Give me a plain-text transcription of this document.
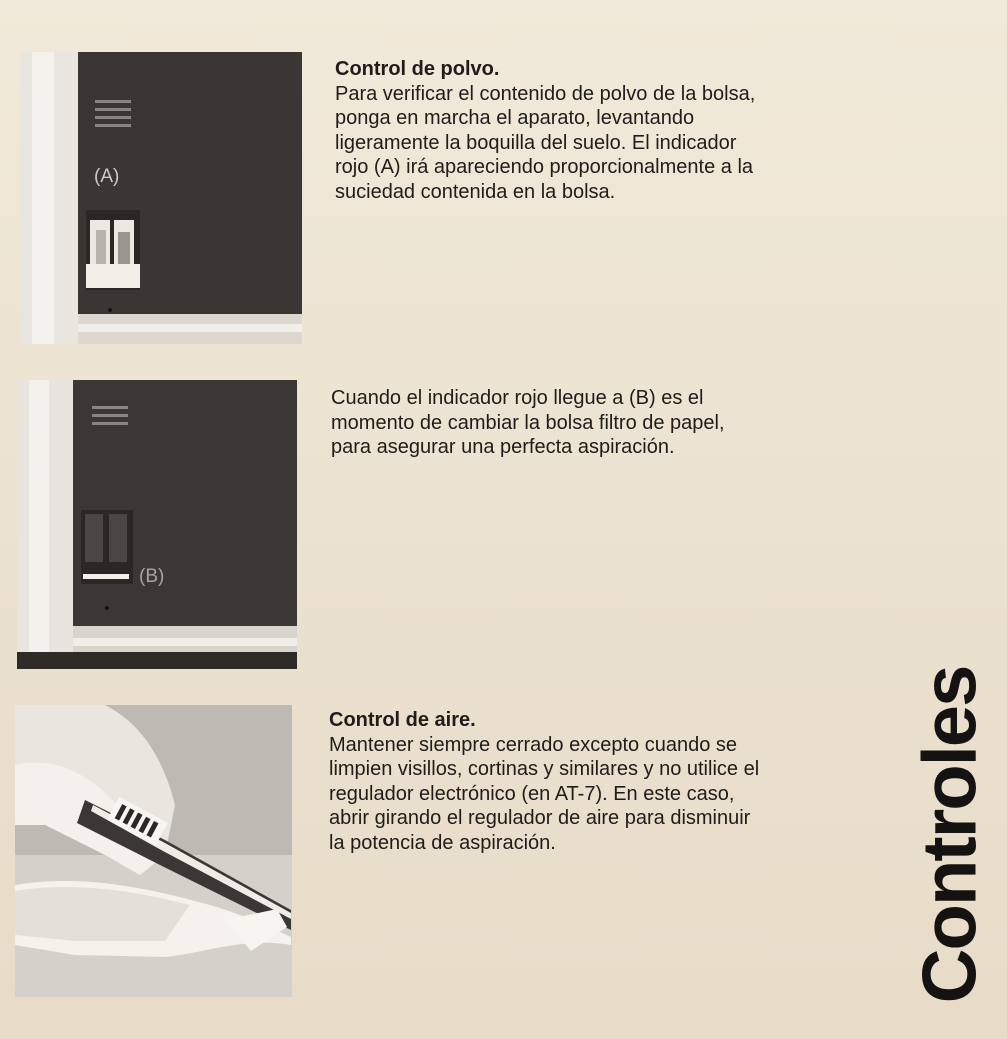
(A)
Control de polvo.

Para verificar el contenido de polvo de la bolsa,
ponga en marcha el aparato, levantando
ligeramente la boquilla del suelo. El indicador
rojo (A) irá apareciendo proporcionalmente a la
suciedad contenida en la bolsa.

(B)

Cuando el indicador rojo llegue a (B) es el
momento de cambiar la bolsa filtro de papel,
para asegurar una perfecta aspiración.

Control de aire.

Mantener siempre cerrado excepto cuando se
limpien visillos, cortinas y similares y no utilice el
regulador electrónico (en AT-7). En este caso,
abrir girando el regulador de aire para disminuir
la potencia de aspiración.	Controles
